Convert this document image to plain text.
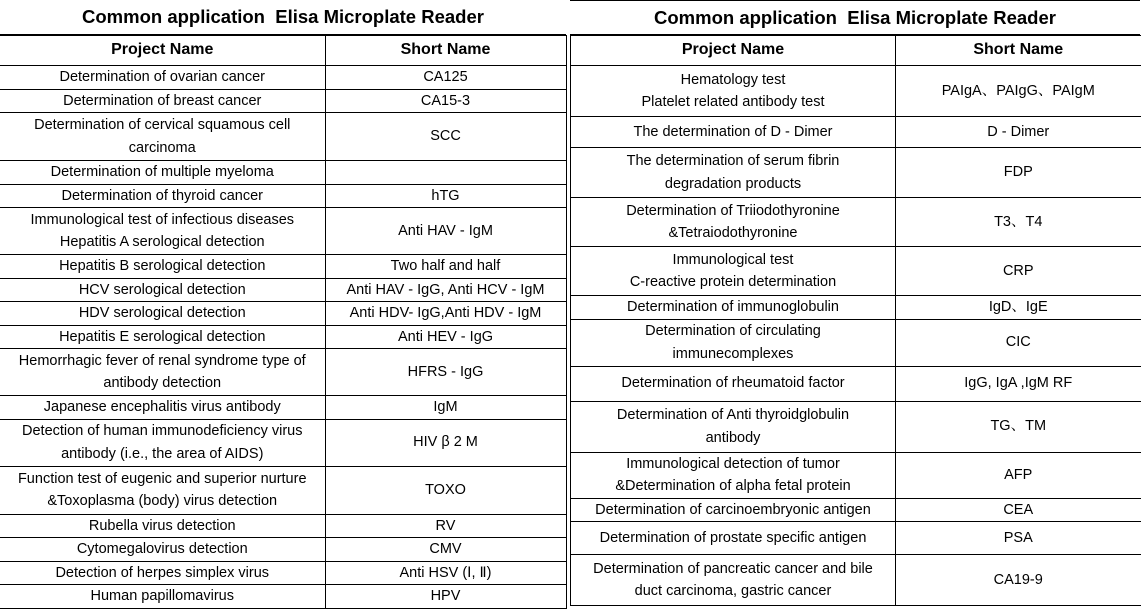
Common application  Elisa Microplate Reader
Project Name	Short Name
Determination of ovarian cancer	CA125
Determination of breast cancer	CA15-3
Determination of cervical squamous cell
carcinoma	SCC
Determination of multiple myeloma	
Determination of thyroid cancer	hTG
Immunological test of infectious diseases
Hepatitis A serological detection	Anti HAV - IgM
Hepatitis B serological detection	Two half and half
HCV serological detection	Anti HAV - IgG, Anti HCV - IgM
HDV serological detection	Anti HDV- IgG,Anti HDV - IgM
Hepatitis E serological detection	Anti HEV - IgG
Hemorrhagic fever of renal syndrome type of
antibody detection	HFRS - IgG
Japanese encephalitis virus antibody	IgM
Detection of human immunodeficiency virus
antibody (i.e., the area of AIDS)	HIV β 2 M
Function test of eugenic and superior nurture
&Toxoplasma (body) virus detection	TOXO
Rubella virus detection	RV
Cytomegalovirus detection	CMV
Detection of herpes simplex virus	Anti HSV (Ⅰ, Ⅱ)
Human papillomavirus	HPV
Common application  Elisa Microplate Reader
Project Name	Short Name
Hematology test
Platelet related antibody test	PAIgA、PAIgG、PAIgM
The determination of D - Dimer	D - Dimer
The determination of serum fibrin
degradation products	FDP
Determination of Triiodothyronine
&Tetraiodothyronine	T3、T4
Immunological test
C-reactive protein determination	CRP
Determination of immunoglobulin	IgD、IgE
Determination of circulating
immunecomplexes	CIC
Determination of rheumatoid factor	IgG, IgA ,IgM RF
Determination of Anti thyroidglobulin
antibody	TG、TM
Immunological detection of tumor
&Determination of alpha fetal protein	AFP
Determination of carcinoembryonic antigen	CEA
Determination of prostate specific antigen	PSA
Determination of pancreatic cancer and bile
duct carcinoma, gastric cancer	CA19-9
